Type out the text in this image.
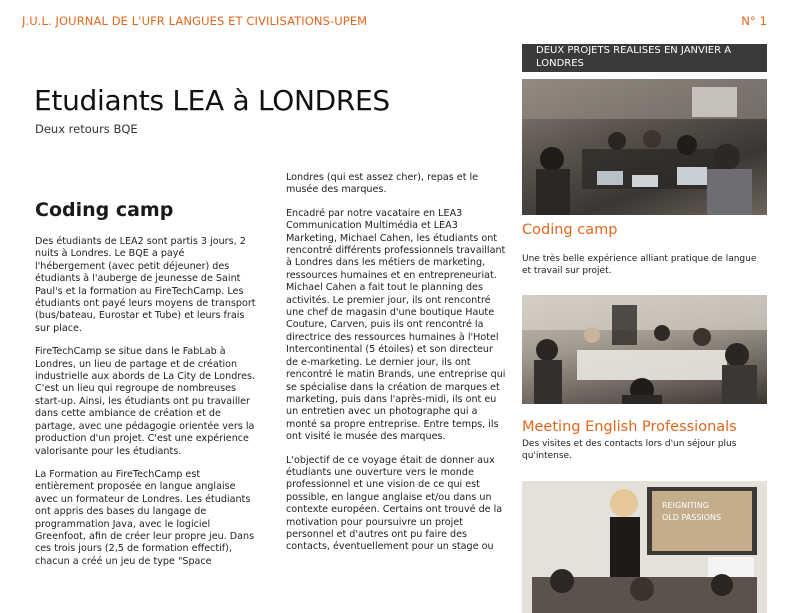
J.U.L. JOURNAL DE L'UFR LANGUES ET CIVILISATIONS-UPEM	N° 1
Etudiants LEA à LONDRES
Deux retours BQE
Coding camp

Des étudiants de LEA2 sont partis 3 jours, 2 nuits à Londres. Le BQE a payé l'hébergement (avec petit déjeuner) des étudiants à l'auberge de jeunesse de Saint Paul's et la formation au FireTechCamp. Les étudiants ont payé leurs moyens de transport (bus/bateau, Eurostar et Tube) et leurs frais sur place.

FireTechCamp se situe dans le FabLab à Londres, un lieu de partage et de création industrielle aux abords de La City de Londres. C'est un lieu qui regroupe de nombreuses start-up. Ainsi, les étudiants ont pu travailler dans cette ambiance de création et de partage, avec une pédagogie orientée vers la production d'un projet. C'est une expérience valorisante pour les étudiants.

La Formation au FireTechCamp est entièrement proposée en langue anglaise avec un formateur de Londres. Les étudiants ont appris des bases du langage de programmation Java, avec le logiciel Greenfoot, afin de créer leur propre jeu. Dans ces trois jours (2,5 de formation effectif), chacun a créé un jeu de type "Space

Londres (qui est assez cher), repas et le musée des marques.

Encadré par notre vacataire en LEA3 Communication Multimédia et LEA3 Marketing, Michael Cahen, les étudiants ont rencontré différents professionnels travaillant à Londres dans les métiers de marketing, ressources humaines et en entrepreneuriat. Michael Cahen a fait tout le planning des activités. Le premier jour, ils ont rencontré une chef de magasin d'une boutique Haute Couture, Carven, puis ils ont rencontré la directrice des ressources humaines à l'Hotel Intercontinental (5 étoiles) et son directeur de e-marketing. Le dernier jour, ils ont rencontré le matin Brands, une entreprise qui se spécialise dans la création de marques et marketing, puis dans l'après-midi, ils ont eu un entretien avec un photographe qui a monté sa propre entreprise. Entre temps, ils ont visité le musée des marques.

L'objectif de ce voyage était de donner aux étudiants une ouverture vers le monde professionnel et une vision de ce qui est possible, en langue anglaise et/ou dans un contexte européen. Certains ont trouvé de la motivation pour poursuivre un projet personnel et d'autres ont pu faire des contacts, éventuellement pour un stage ou

DEUX PROJETS REALISES EN JANVIER A LONDRES
Coding camp
Une très belle expérience alliant pratique de langue et travail sur projet.
Meeting English Professionals
Des visites et des contacts lors d'un séjour plus qu'intense.
REIGNITING
OLD PASSIONS
